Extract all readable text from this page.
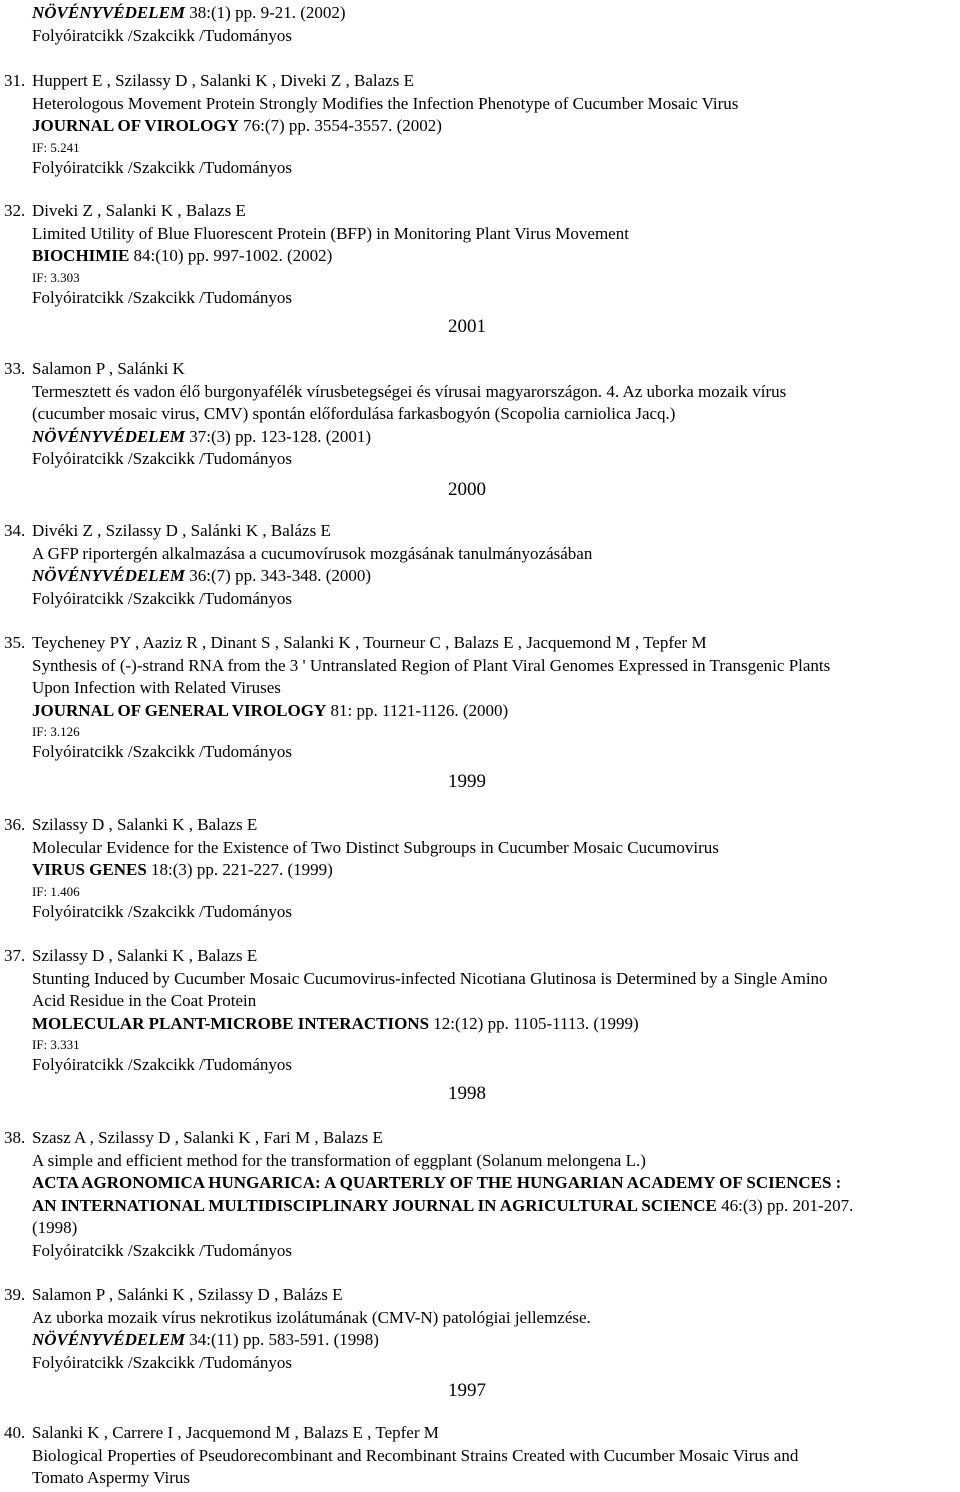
NÖVÉNYVÉDELEM 38:(1) pp. 9-21. (2002)
Folyóiratcikk /Szakcikk /Tudományos
31. Huppert E , Szilassy D , Salanki K , Diveki Z , Balazs E
Heterologous Movement Protein Strongly Modifies the Infection Phenotype of Cucumber Mosaic Virus
JOURNAL OF VIROLOGY 76:(7) pp. 3554-3557. (2002)
IF: 5.241
Folyóiratcikk /Szakcikk /Tudományos
32. Diveki Z , Salanki K , Balazs E
Limited Utility of Blue Fluorescent Protein (BFP) in Monitoring Plant Virus Movement
BIOCHIMIE 84:(10) pp. 997-1002. (2002)
IF: 3.303
Folyóiratcikk /Szakcikk /Tudományos
2001
33. Salamon P , Salánki K
Termesztett és vadon élő burgonyafélék vírusbetegségei és vírusai magyarországon. 4. Az uborka mozaik vírus
(cucumber mosaic virus, CMV) spontán előfordulása farkasbogyón (Scopolia carniolica Jacq.)
NÖVÉNYVÉDELEM 37:(3) pp. 123-128. (2001)
Folyóiratcikk /Szakcikk /Tudományos
2000
34. Divéki Z , Szilassy D , Salánki K , Balázs E
A GFP riportergén alkalmazása a cucumovírusok mozgásának tanulmányozásában
NÖVÉNYVÉDELEM 36:(7) pp. 343-348. (2000)
Folyóiratcikk /Szakcikk /Tudományos
35. Teycheney PY , Aaziz R , Dinant S , Salanki K , Tourneur C , Balazs E , Jacquemond M , Tepfer M
Synthesis of (-)-strand RNA from the 3 ' Untranslated Region of Plant Viral Genomes Expressed in Transgenic Plants
Upon Infection with Related Viruses
JOURNAL OF GENERAL VIROLOGY 81: pp. 1121-1126. (2000)
IF: 3.126
Folyóiratcikk /Szakcikk /Tudományos
1999
36. Szilassy D , Salanki K , Balazs E
Molecular Evidence for the Existence of Two Distinct Subgroups in Cucumber Mosaic Cucumovirus
VIRUS GENES 18:(3) pp. 221-227. (1999)
IF: 1.406
Folyóiratcikk /Szakcikk /Tudományos
37. Szilassy D , Salanki K , Balazs E
Stunting Induced by Cucumber Mosaic Cucumovirus-infected Nicotiana Glutinosa is Determined by a Single Amino
Acid Residue in the Coat Protein
MOLECULAR PLANT-MICROBE INTERACTIONS 12:(12) pp. 1105-1113. (1999)
IF: 3.331
Folyóiratcikk /Szakcikk /Tudományos
1998
38. Szasz A , Szilassy D , Salanki K , Fari M , Balazs E
A simple and efficient method for the transformation of eggplant (Solanum melongena L.)
ACTA AGRONOMICA HUNGARICA: A QUARTERLY OF THE HUNGARIAN ACADEMY OF SCIENCES :
AN INTERNATIONAL MULTIDISCIPLINARY JOURNAL IN AGRICULTURAL SCIENCE 46:(3) pp. 201-207.
(1998)
Folyóiratcikk /Szakcikk /Tudományos
39. Salamon P , Salánki K , Szilassy D , Balázs E
Az uborka mozaik vírus nekrotikus izolátumának (CMV-N) patológiai jellemzése.
NÖVÉNYVÉDELEM 34:(11) pp. 583-591. (1998)
Folyóiratcikk /Szakcikk /Tudományos
1997
40. Salanki K , Carrere I , Jacquemond M , Balazs E , Tepfer M
Biological Properties of Pseudorecombinant and Recombinant Strains Created with Cucumber Mosaic Virus and
Tomato Aspermy Virus
